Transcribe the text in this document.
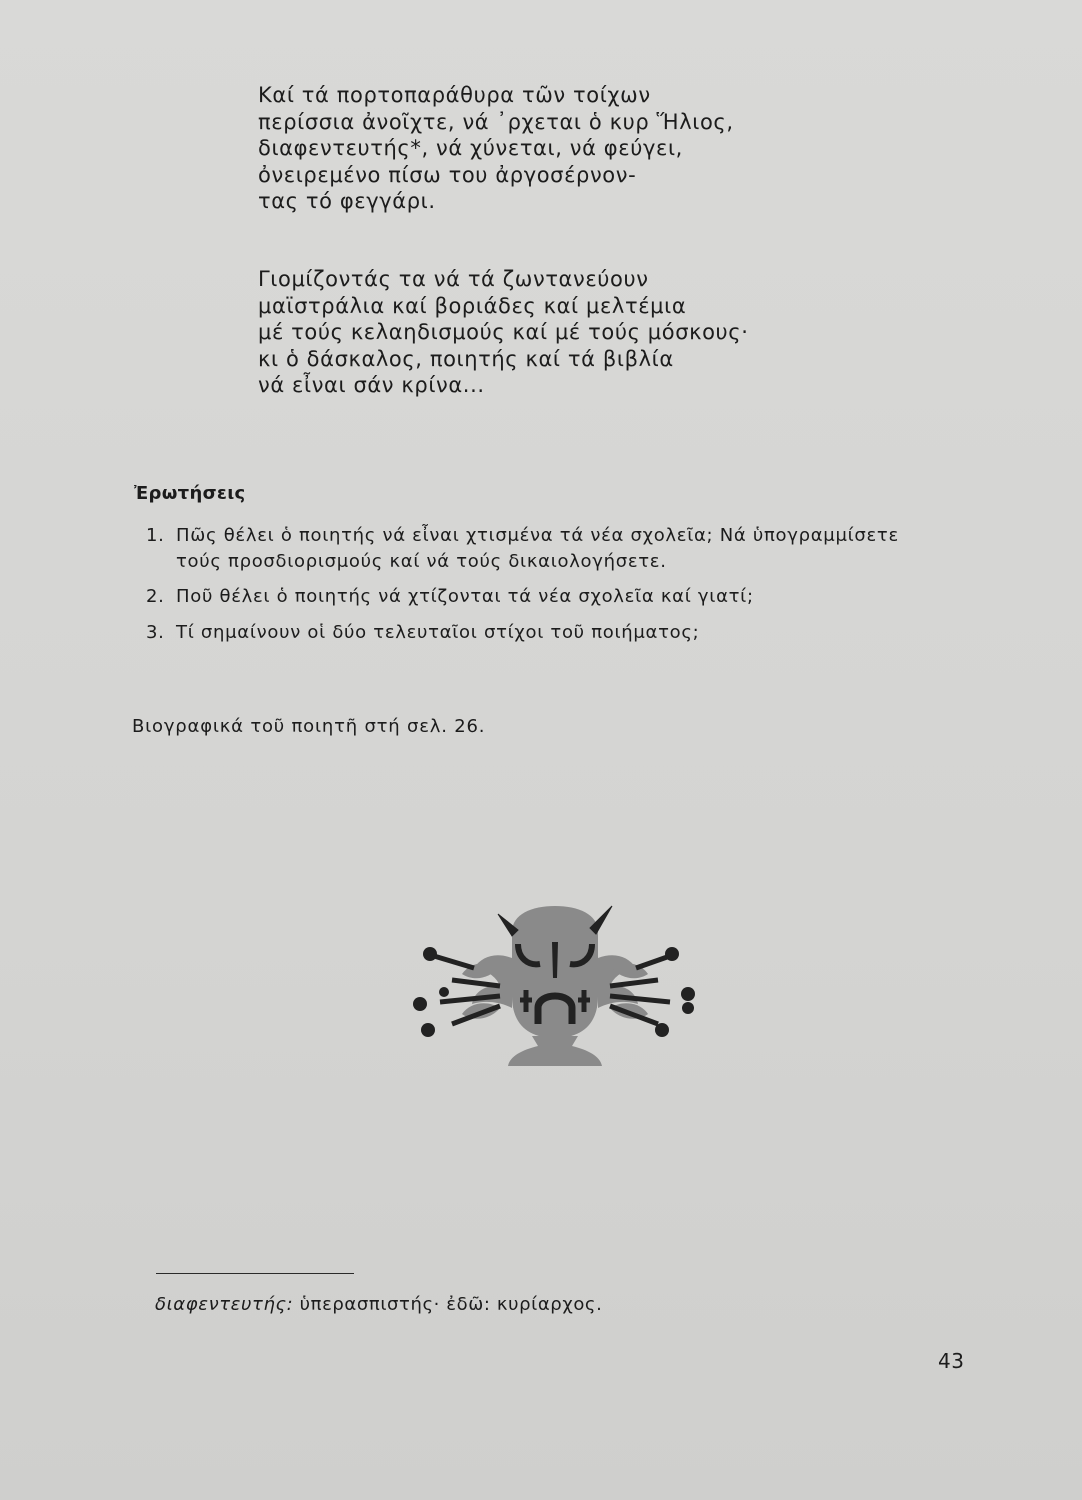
Καί τά πορτοπαράθυρα τῶν τοίχων
περίσσια ἀνοῖχτε, νά ᾽ρχεται ὁ κυρ Ἥλιος,
διαφεντευτής*, νά χύνεται, νά φεύγει,
ὀνειρεμένο πίσω του ἀργοσέρνον-
τας τό φεγγάρι.
Γιομίζοντάς τα νά τά ζωντανεύουν
μαϊστράλια καί βοριάδες καί μελτέμια
μέ τούς κελαηδισμούς καί μέ τούς μόσκους·
κι ὁ δάσκαλος, ποιητής καί τά βιβλία
νά εἶναι σάν κρίνα...
Ἐρωτήσεις
1. Πῶς θέλει ὁ ποιητής νά εἶναι χτισμένα τά νέα σχολεῖα; Νά ὑπογραμμίσετε
τούς προσδιορισμούς καί νά τούς δικαιολογήσετε.
2. Ποῦ θέλει ὁ ποιητής νά χτίζονται τά νέα σχολεῖα καί γιατί;
3. Τί σημαίνουν οἱ δύο τελευταῖοι στίχοι τοῦ ποιήματος;
Βιογραφικά τοῦ ποιητῆ στή σελ. 26.
διαφεντευτής: ὑπερασπιστής· ἐδῶ: κυρίαρχος.
43
